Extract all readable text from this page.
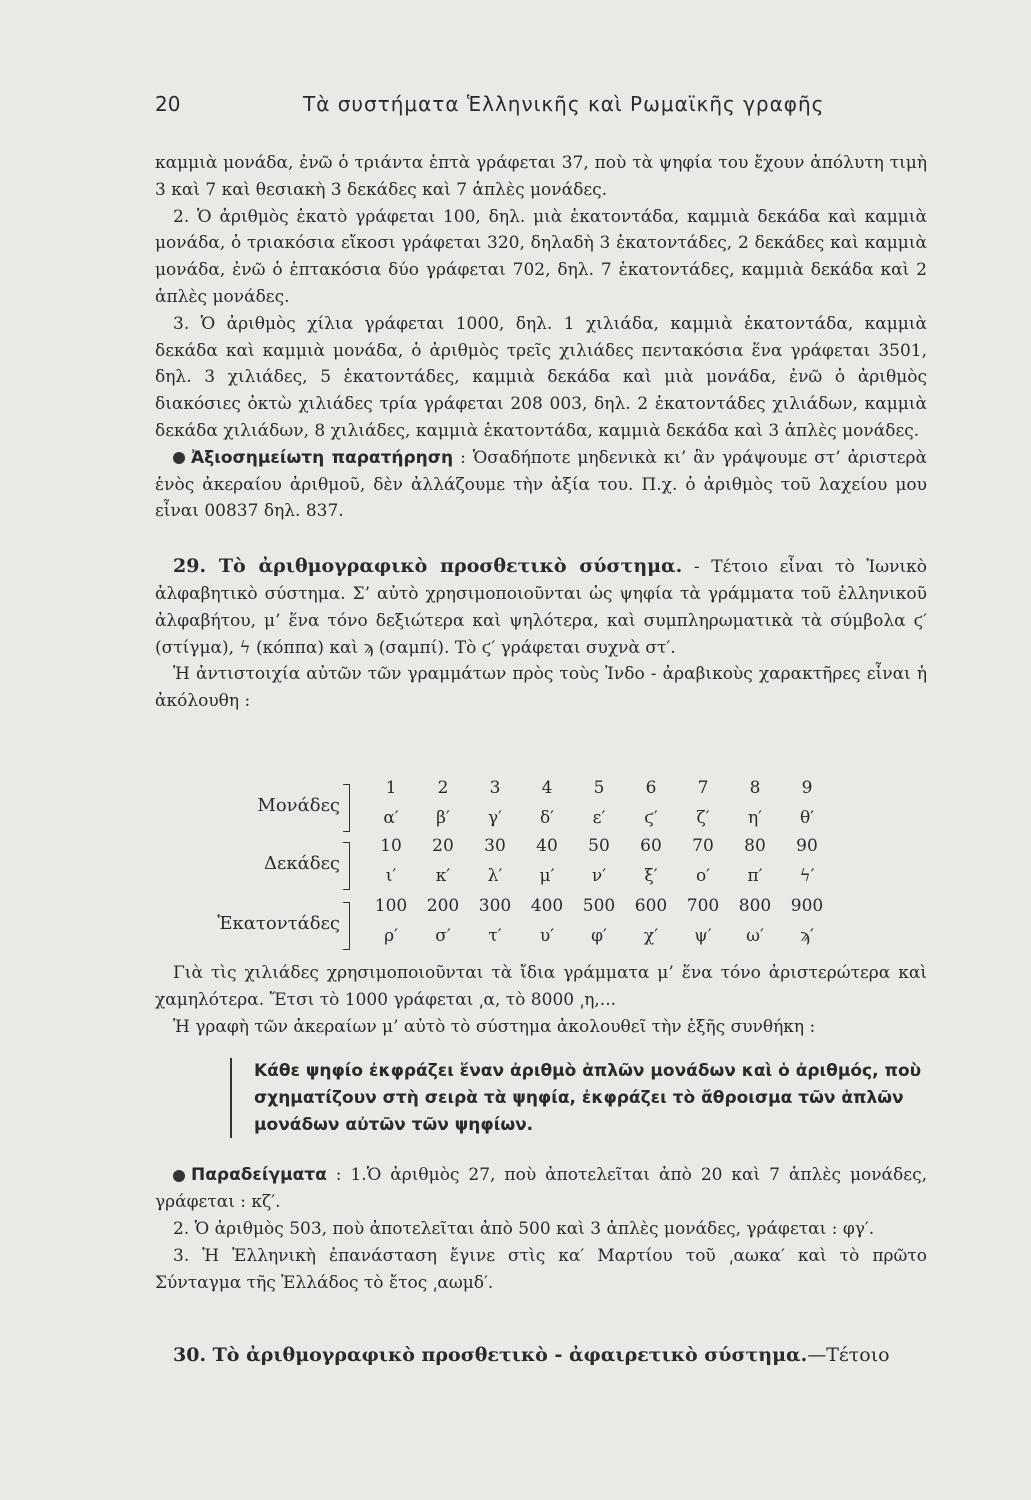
20	Τὰ συστήματα Ἑλληνικῆς καὶ Ρωμαϊκῆς γραφῆς

καμμιὰ μονάδα, ἐνῶ ὁ τριάντα ἑπτὰ γράφεται 37, ποὺ τὰ ψηφία του ἔχουν ἀπόλυτη τιμὴ 3 καὶ 7 καὶ θεσιακὴ 3 δεκάδες καὶ 7 ἁπλὲς μονάδες.

2. Ὁ ἀριθμὸς ἑκατὸ γράφεται 100, δηλ. μιὰ ἑκατοντάδα, καμμιὰ δεκάδα καὶ καμμιὰ μονάδα, ὁ τριακόσια εἴκοσι γράφεται 320, δηλαδὴ 3 ἑκατοντάδες, 2 δεκάδες καὶ καμμιὰ μονάδα, ἐνῶ ὁ ἑπτακόσια δύο γράφεται 702, δηλ. 7 ἑκατοντάδες, καμμιὰ δεκάδα καὶ 2 ἁπλὲς μονάδες.

3. Ὁ ἀριθμὸς χίλια γράφεται 1000, δηλ. 1 χιλιάδα, καμμιὰ ἑκατοντάδα, καμμιὰ δεκάδα καὶ καμμιὰ μονάδα, ὁ ἀριθμὸς τρεῖς χιλιάδες πεντακόσια ἕνα γράφεται 3501, δηλ. 3 χιλιάδες, 5 ἑκατοντάδες, καμμιὰ δεκάδα καὶ μιὰ μονάδα, ἐνῶ ὁ ἀριθμὸς διακόσιες ὀκτὼ χιλιάδες τρία γράφεται 208 003, δηλ. 2 ἑκατοντάδες χιλιάδων, καμμιὰ δεκάδα χιλιάδων, 8 χιλιάδες, καμμιὰ ἑκατοντάδα, καμμιὰ δεκάδα καὶ 3 ἁπλὲς μονάδες.

Ἀξιοσημείωτη παρατήρηση : Ὁσαδήποτε μηδενικὰ κι’ ἂν γράψουμε στ’ ἀριστερὰ ἑνὸς ἀκεραίου ἀριθμοῦ, δὲν ἀλλάζουμε τὴν ἀξία του. Π.χ. ὁ ἀριθμὸς τοῦ λαχείου μου εἶναι 00837 δηλ. 837.

29. Τὸ ἀριθμογραφικὸ προσθετικὸ σύστημα. - Τέτοιο εἶναι τὸ Ἰωνικὸ ἀλφαβητικὸ σύστημα. Σ’ αὐτὸ χρησιμοποιοῦνται ὡς ψηφία τὰ γράμματα τοῦ ἑλληνικοῦ ἀλφαβήτου, μ’ ἕνα τόνο δεξιώτερα καὶ ψηλότερα, καὶ συμπληρωματικὰ τὰ σύμβολα ϛ′ (στίγμα), ϟ (κόππα) καὶ ϡ (σαμπί). Τὸ ϛ′ γράφεται συχνὰ στ′.

Ἡ ἀντιστοιχία αὐτῶν τῶν γραμμάτων πρὸς τοὺς Ἰνδο - ἀραβικοὺς χαρακτῆρες εἶναι ἡ ἀκόλουθη :

Μονάδες
1	2	3	4	5	6	7	8	9
α′	β′	γ′	δ′	ε′	ϛ′	ζ′	η′	θ′
Δεκάδες
10	20	30	40	50	60	70	80	90
ι′	κ′	λ′	μ′	ν′	ξ′	ο′	π′	ϟ′
Ἑκατοντάδες
100	200	300	400	500	600	700	800	900
ρ′	σ′	τ′	υ′	φ′	χ′	ψ′	ω′	ϡ′

Γιὰ τὶς χιλιάδες χρησιμοποιοῦνται τὰ ἴδια γράμματα μ’ ἕνα τόνο ἀριστερώτερα καὶ χαμηλότερα. Ἔτσι τὸ 1000 γράφεται ͵α, τὸ 8000 ͵η,...

Ἡ γραφὴ τῶν ἀκεραίων μ’ αὐτὸ τὸ σύστημα ἀκολουθεῖ τὴν ἑξῆς συνθήκη :

Κάθε ψηφίο ἐκφράζει ἕναν ἀριθμὸ ἁπλῶν μονάδων καὶ ὁ ἀριθμός, ποὺ σχηματίζουν στὴ σειρὰ τὰ ψηφία, ἐκφράζει τὸ ἄθροισμα τῶν ἁπλῶν μονάδων αὐτῶν τῶν ψηφίων.

Παραδείγματα : 1.Ὁ ἀριθμὸς 27, ποὺ ἀποτελεῖται ἀπὸ 20 καὶ 7 ἁπλὲς μονάδες, γράφεται : κζ′.

2. Ὁ ἀριθμὸς 503, ποὺ ἀποτελεῖται ἀπὸ 500 καὶ 3 ἁπλὲς μονάδες, γράφεται : φγ′.

3. Ἡ Ἑλληνικὴ ἐπανάσταση ἔγινε στὶς κα′ Μαρτίου τοῦ ͵αωκα′ καὶ τὸ πρῶτο Σύνταγμα τῆς Ἑλλάδος τὸ ἔτος ͵αωμδ′.

30. Τὸ ἀριθμογραφικὸ προσθετικὸ - ἀφαιρετικὸ σύστημα.—Τέτοιο
